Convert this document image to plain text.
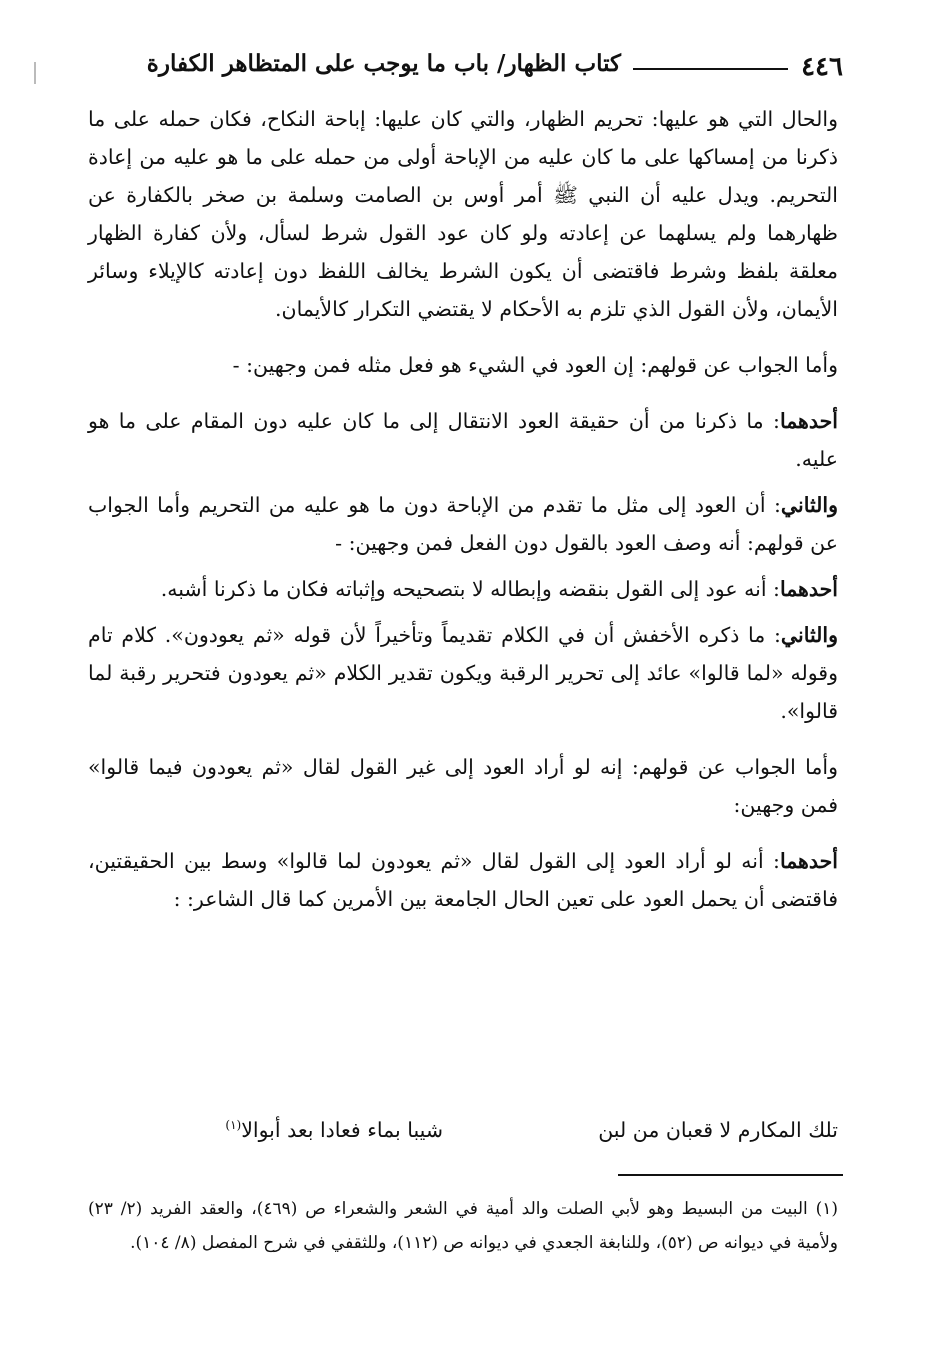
٤٤٦
كتاب الظهار/ باب ما يوجب على المتظاهر الكفارة

والحال التي هو عليها: تحريم الظهار، والتي كان عليها: إباحة النكاح، فكان حمله على ما ذكرنا من إمساكها على ما كان عليه من الإباحة أولى من حمله على ما هو عليه من إعادة التحريم. ويدل عليه أن النبي ﷺ أمر أوس بن الصامت وسلمة بن صخر بالكفارة عن ظهارهما ولم يسلهما عن إعادته ولو كان عود القول شرط لسأل، ولأن كفارة الظهار معلقة بلفظ وشرط فاقتضى أن يكون الشرط يخالف اللفظ دون إعادته كالإيلاء وسائر الأيمان، ولأن القول الذي تلزم به الأحكام لا يقتضي التكرار كالأيمان.

وأما الجواب عن قولهم: إن العود في الشيء هو فعل مثله فمن وجهين: -

أحدهما: ما ذكرنا من أن حقيقة العود الانتقال إلى ما كان عليه دون المقام على ما هو عليه.

والثاني: أن العود إلى مثل ما تقدم من الإباحة دون ما هو عليه من التحريم وأما الجواب عن قولهم: أنه وصف العود بالقول دون الفعل فمن وجهين: -

أحدهما: أنه عود إلى القول بنقضه وإبطاله لا بتصحيحه وإثباته فكان ما ذكرنا أشبه.

والثاني: ما ذكره الأخفش أن في الكلام تقديماً وتأخيراً لأن قوله «ثم يعودون». كلام تام وقوله «لما قالوا» عائد إلى تحرير الرقبة ويكون تقدير الكلام «ثم يعودون فتحرير رقبة لما قالوا».

وأما الجواب عن قولهم: إنه لو أراد العود إلى غير القول لقال «ثم يعودون فيما قالوا» فمن وجهين:

أحدهما: أنه لو أراد العود إلى القول لقال «ثم يعودون لما قالوا» وسط بين الحقيقتين، فاقتضى أن يحمل العود على تعين الحال الجامعة بين الأمرين كما قال الشاعر: :

تلك المكارم لا قعبان من لبن
شيبا بماء فعادا بعد أبوالا$^{(١)}$

(١) البيت من البسيط وهو لأبي الصلت والد أمية في الشعر والشعراء ص (٤٦٩)، والعقد الفريد (٢/ ٢٣) ولأمية في ديوانه ص (٥٢)، وللنابغة الجعدي في ديوانه ص (١١٢)، وللثقفي في شرح المفصل (٨/ ١٠٤).
